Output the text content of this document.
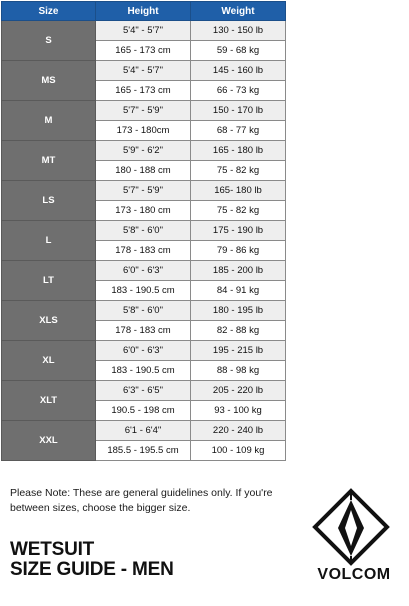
Size	Height	Weight
S	5'4" - 5'7"	130 - 150 lb
	165 - 173 cm	59 - 68 kg
MS	5'4" - 5'7"	145 - 160 lb
	165 - 173 cm	66 - 73 kg
M	5'7" - 5'9"	150 - 170 lb
	173 - 180cm	68 - 77 kg
MT	5'9" - 6'2"	165 - 180 lb
	180 - 188 cm	75 - 82 kg
LS	5'7" - 5'9"	165- 180 lb
	173 - 180 cm	75 - 82 kg
L	5'8" - 6'0"	175 - 190 lb
	178 - 183 cm	79 - 86 kg
LT	6'0" - 6'3"	185 - 200 lb
	183 - 190.5 cm	84 - 91 kg
XLS	5'8" - 6'0"	180 - 195 lb
	178 - 183 cm	82 - 88 kg
XL	6'0" - 6'3"	195 - 215 lb
	183 - 190.5 cm	88 - 98 kg
XLT	6'3" - 6'5"	205 - 220 lb
	190.5 - 198 cm	93 - 100 kg
XXL	6'1 - 6'4"	220 - 240 lb
	185.5 - 195.5 cm	100 - 109 kg
Please Note: These are general guidelines only. If you're between sizes, choose the bigger size.
WETSUIT
SIZE GUIDE - MEN	VOLCOM
